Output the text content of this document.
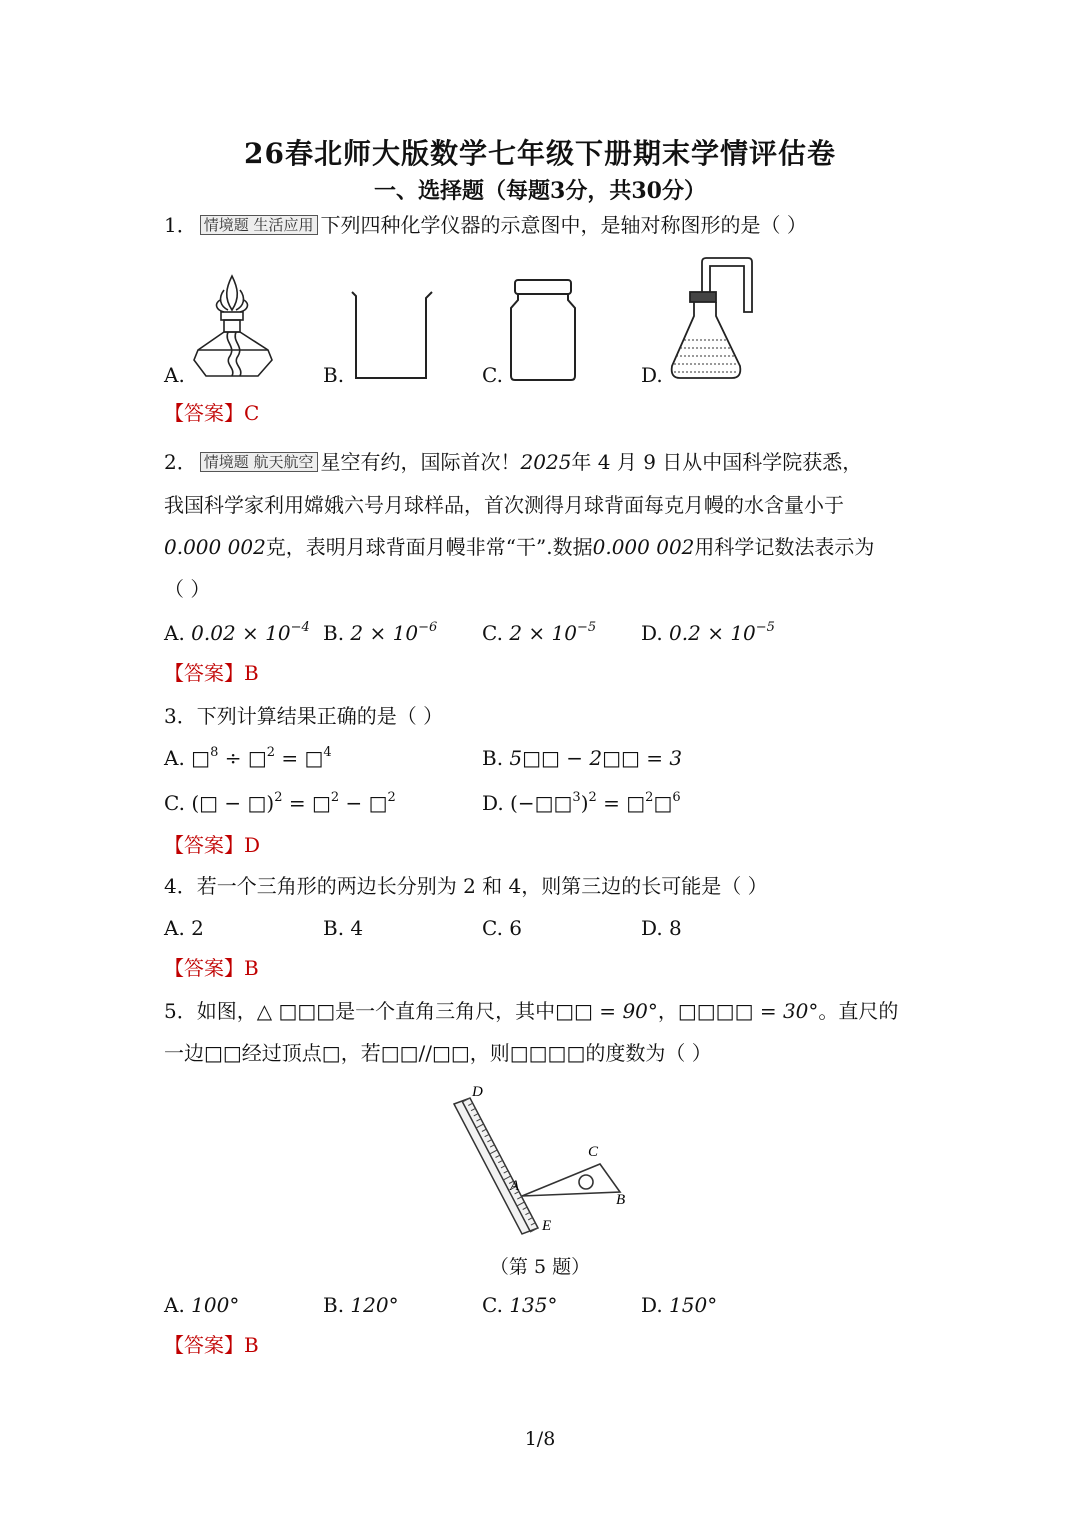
26春北师大版数学七年级下册期末学情评估卷
一、选择题（每题3分，共30分）
1． 情境题 生活应用 下列四种化学仪器的示意图中，是轴对称图形的是（ ）
A.	B.	C.	D.
【答案】C
2． 情境题 航天航空 星空有约，国际首次！2025年 4 月 9 日从中国科学院获悉，
我国科学家利用嫦娥六号月球样品，首次测得月球背面每克月幔的水含量小于
0.000 002克，表明月球背面月幔非常“干”.数据0.000 002用科学记数法表示为
（ ）
A. $0.02 \times 10^{-4}$ B. $2 \times 10^{-6}$ C. $2 \times 10^{-5}$ D. $0.2 \times 10^{-5}$
【答案】B
3．下列计算结果正确的是（ ）
A. □$^8$ ÷ □$^2$ = □$^4$	B. 5□□ − 2□□ = 3
C. (□ − □)$^2$ = □$^2$ − □$^2$	D. (−□□$^3$)$^2$ = □$^2$□$^6$
【答案】D
4．若一个三角形的两边长分别为 2 和 4，则第三边的长可能是（ ）
A. 2	B. 4	C. 6	D. 8
【答案】B
5．如图，△ □□□是一个直角三角尺，其中□□ = 90°，□□□□ = 30°。直尺的
一边□□经过顶点□，若□□//□□，则□□□□的度数为（ ）
D
C
A
B
E
（第 5 题）
A. 100°	B. 120°	C. 135°	D. 150°
【答案】B
1/8
